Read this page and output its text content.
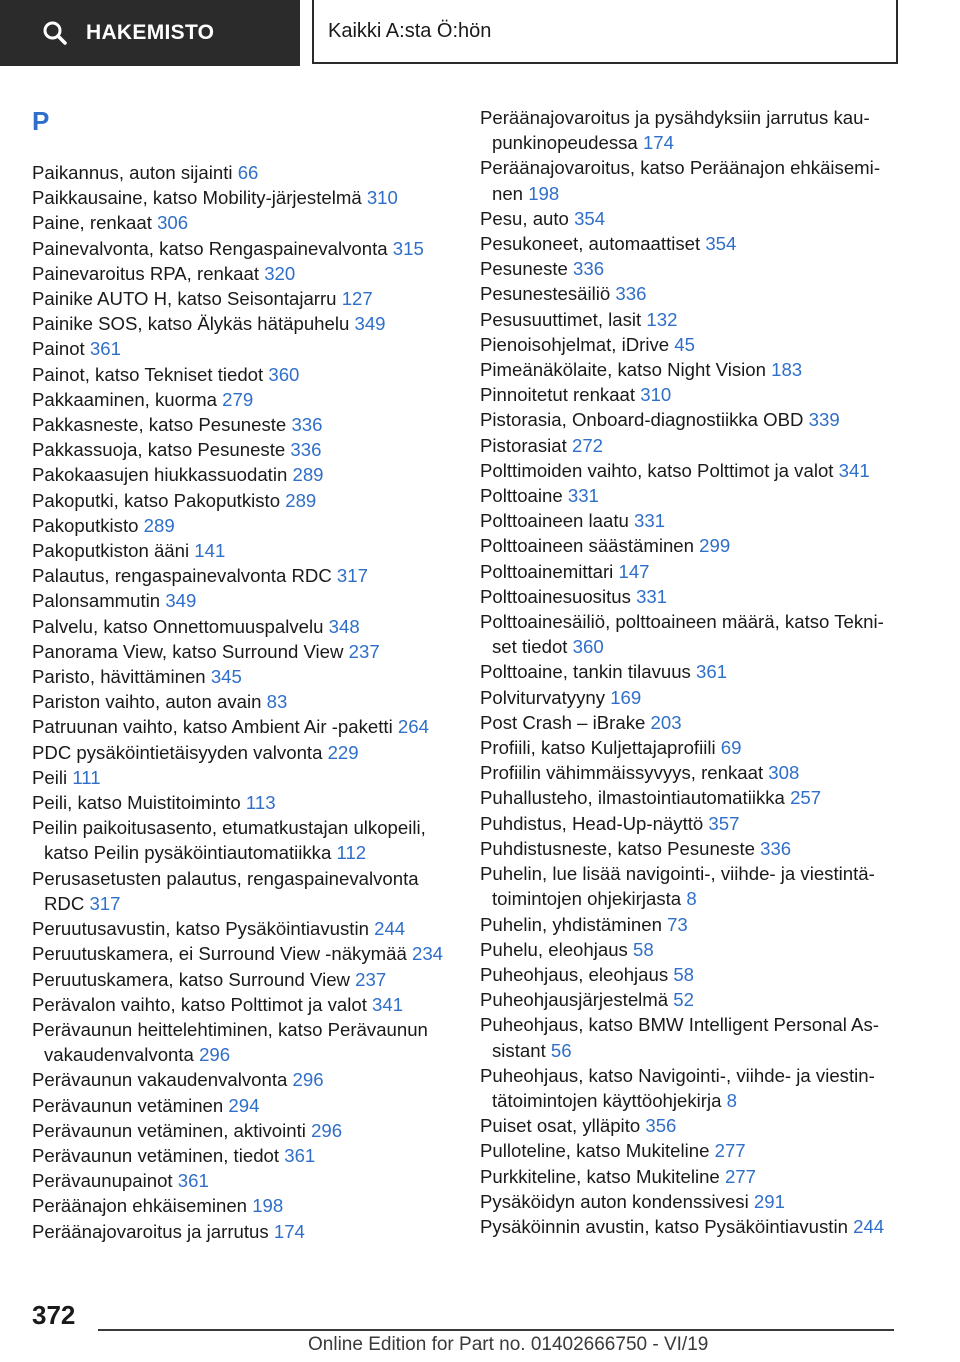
HAKEMISTO	Kaikki A:sta Ö:hön
P
Paikannus, auton sijainti 66
Paikkausaine, katso Mobility-järjestelmä 310
Paine, renkaat 306
Painevalvonta, katso Rengaspainevalvonta 315
Painevaroitus RPA, renkaat 320
Painike AUTO H, katso Seisontajarru 127
Painike SOS, katso Älykäs hätäpuhelu 349
Painot 361
Painot, katso Tekniset tiedot 360
Pakkaaminen, kuorma 279
Pakkasneste, katso Pesuneste 336
Pakkassuoja, katso Pesuneste 336
Pakokaasujen hiukkassuodatin 289
Pakoputki, katso Pakoputkisto 289
Pakoputkisto 289
Pakoputkiston ääni 141
Palautus, rengaspainevalvonta RDC 317
Palonsammutin 349
Palvelu, katso Onnettomuuspalvelu 348
Panorama View, katso Surround View 237
Paristo, hävittäminen 345
Pariston vaihto, auton avain 83
Patruunan vaihto, katso Ambient Air -paketti 264
PDC pysäköintietäisyyden valvonta 229
Peili 111
Peili, katso Muistitoiminto 113
Peilin paikoitusasento, etumatkustajan ulkopeili, katso Peilin pysäköintiautomatiikka 112
Perusasetusten palautus, rengaspainevalvonta RDC 317
Peruutusavustin, katso Pysäköintiavustin 244
Peruutuskamera, ei Surround View -näkymää 234
Peruutuskamera, katso Surround View 237
Perävalon vaihto, katso Polttimot ja valot 341
Perävaunun heittelehtiminen, katso Perävaunun vakaudenvalvonta 296
Perävaunun vakaudenvalvonta 296
Perävaunun vetäminen 294
Perävaunun vetäminen, aktivointi 296
Perävaunun vetäminen, tiedot 361
Perävaunupainot 361
Peräänajon ehkäiseminen 198
Peräänajovaroitus ja jarrutus 174
Peräänajovaroitus ja pysähdyksiin jarrutus kaupunkinopeudessa 174
Peräänajovaroitus, katso Peräänajon ehkäiseminen 198
Pesu, auto 354
Pesukoneet, automaattiset 354
Pesuneste 336
Pesunestesäiliö 336
Pesusuuttimet, lasit 132
Pienoisohjelmat, iDrive 45
Pimeänäkölaite, katso Night Vision 183
Pinnoitetut renkaat 310
Pistorasia, Onboard-diagnostiikka OBD 339
Pistorasiat 272
Polttimoiden vaihto, katso Polttimot ja valot 341
Polttoaine 331
Polttoaineen laatu 331
Polttoaineen säästäminen 299
Polttoainemittari 147
Polttoainesuositus 331
Polttoainesäiliö, polttoaineen määrä, katso Tekniset tiedot 360
Polttoaine, tankin tilavuus 361
Polviturvatyyny 169
Post Crash – iBrake 203
Profiili, katso Kuljettajaprofiili 69
Profiilin vähimmäissyvyys, renkaat 308
Puhallusteho, ilmastointiautomatiikka 257
Puhdistus, Head-Up-näyttö 357
Puhdistusneste, katso Pesuneste 336
Puhelin, lue lisää navigointi-, viihde- ja viestintätoimintojen ohjekirjasta 8
Puhelin, yhdistäminen 73
Puhelu, eleohjaus 58
Puheohjaus, eleohjaus 58
Puheohjausjärjestelmä 52
Puheohjaus, katso BMW Intelligent Personal Assistant 56
Puheohjaus, katso Navigointi-, viihde- ja viestintätoimintojen käyttöohjekirja 8
Puiset osat, ylläpito 356
Pulloteline, katso Mukiteline 277
Purkkiteline, katso Mukiteline 277
Pysäköidyn auton kondenssivesi 291
Pysäköinnin avustin, katso Pysäköintiavustin 244
372
Online Edition for Part no. 01402666750 - VI/19
